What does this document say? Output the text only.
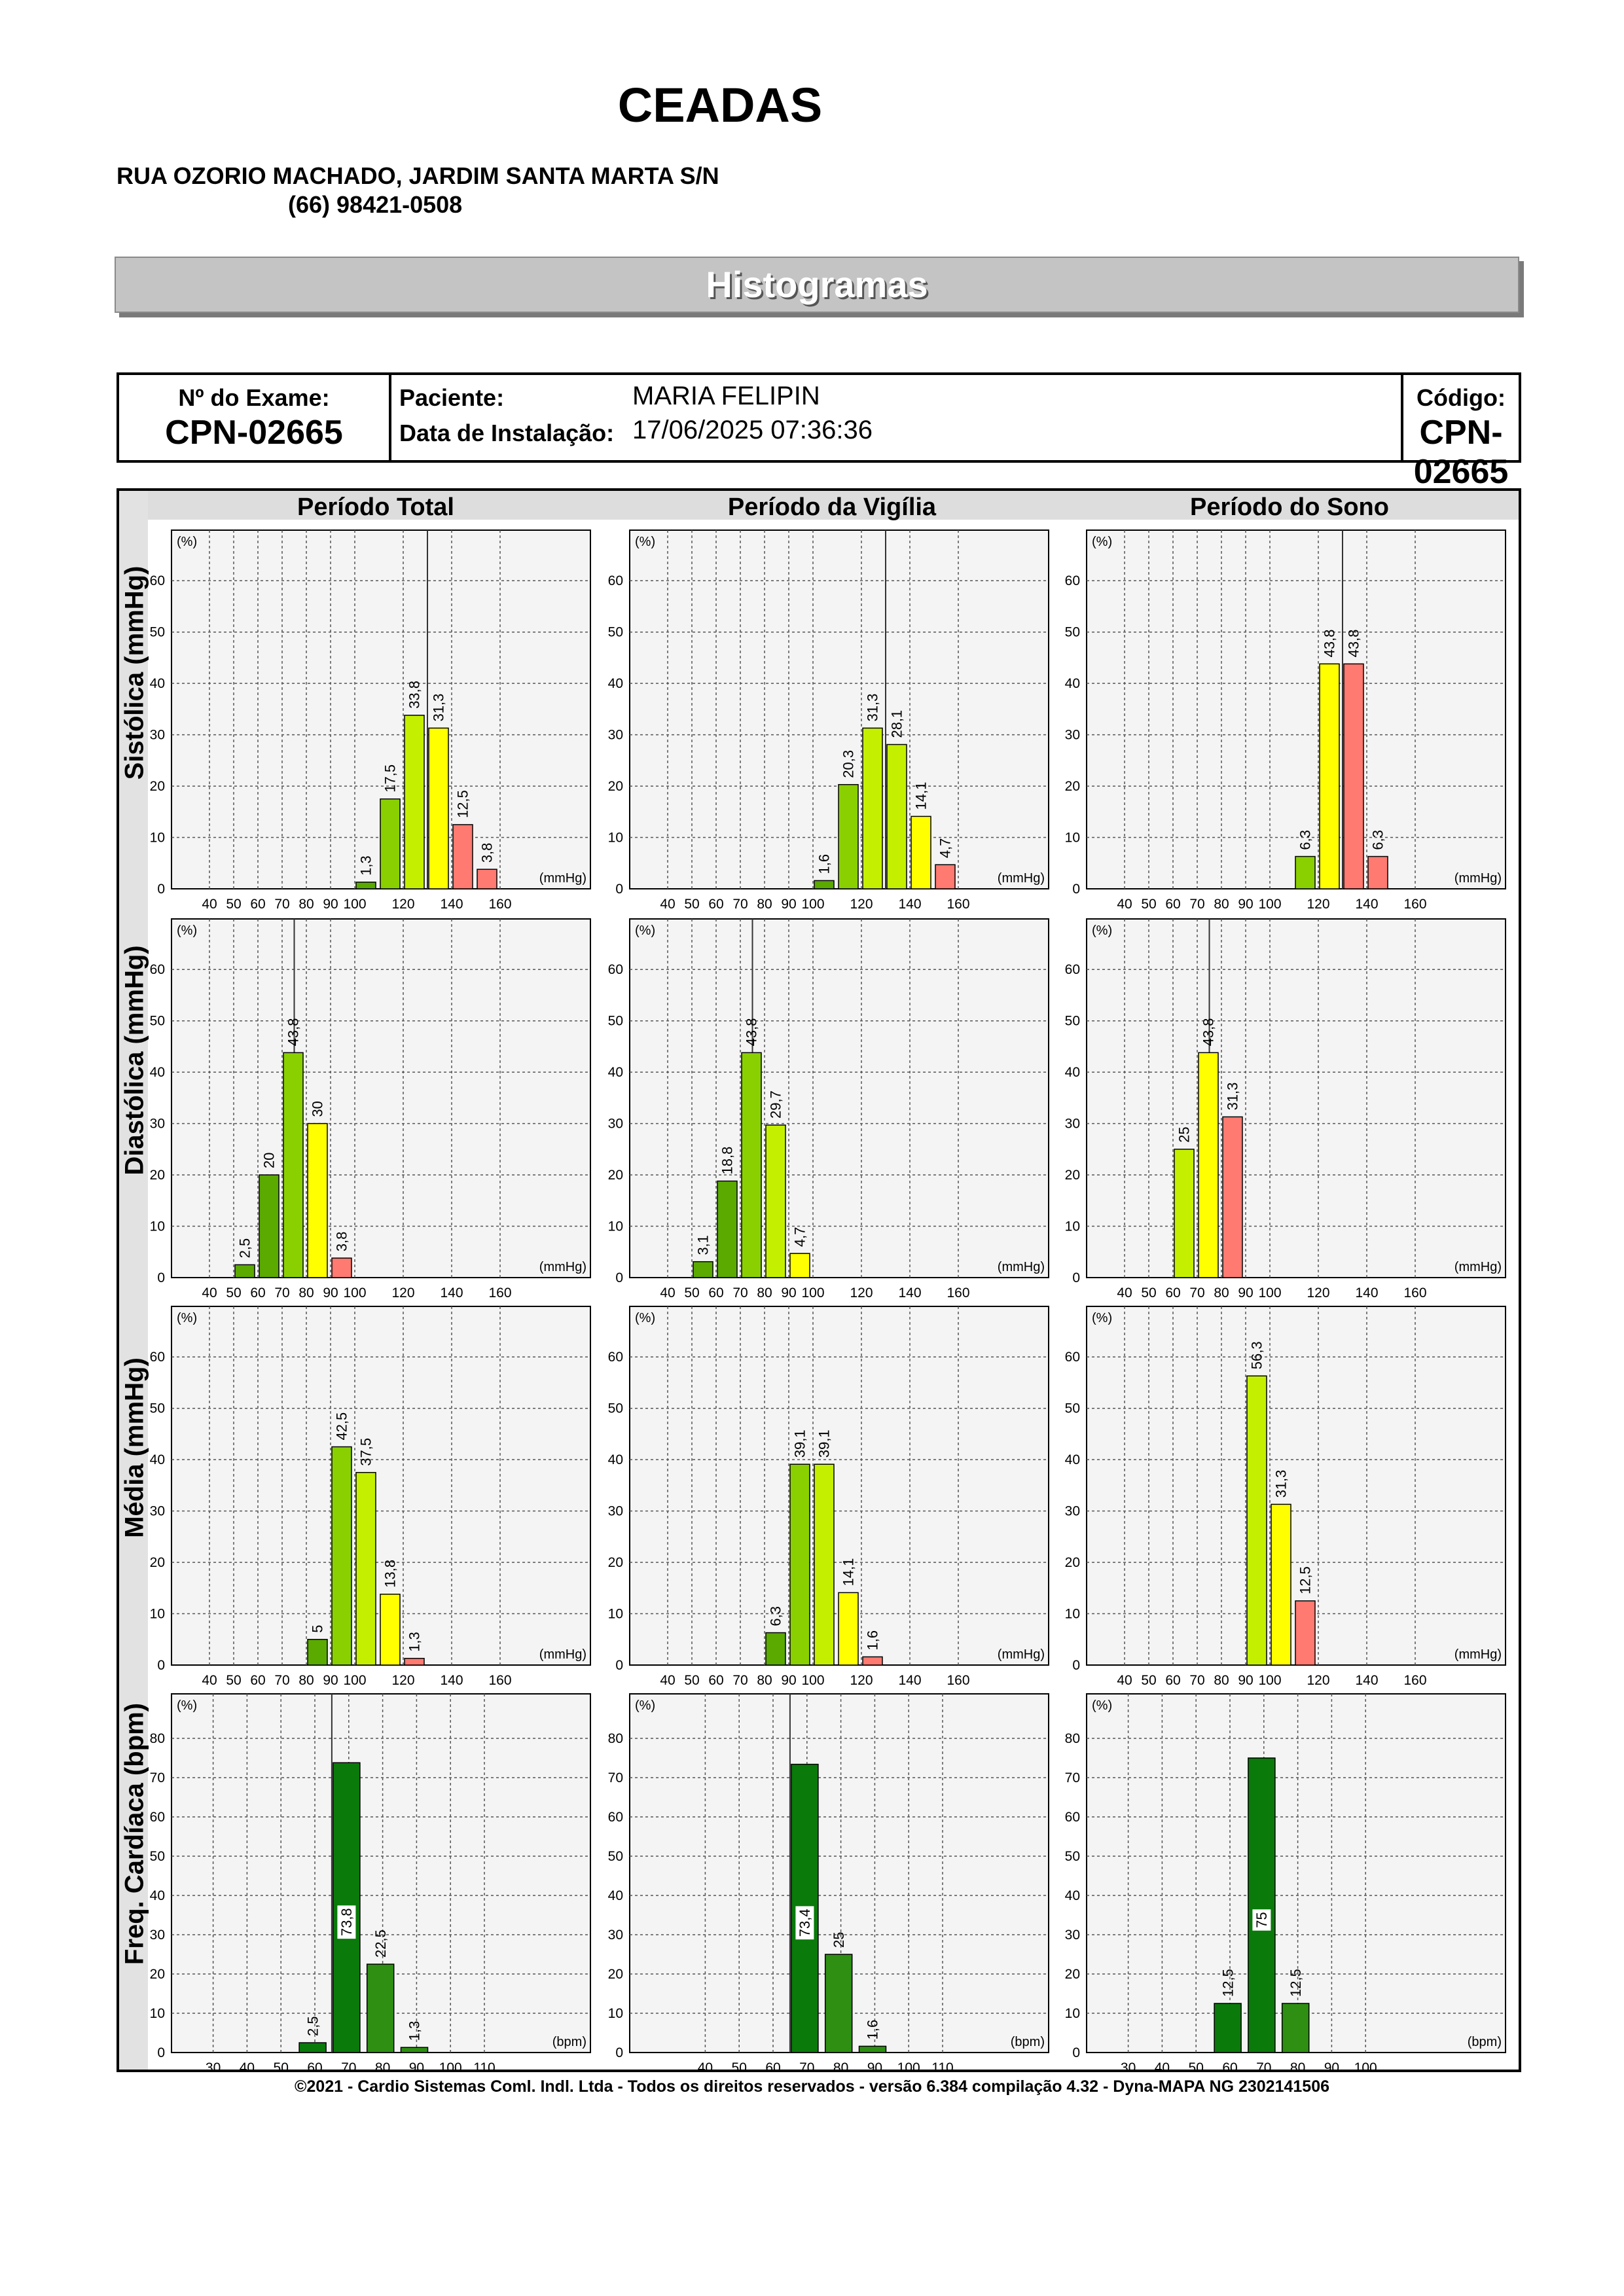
CEADAS
RUA OZORIO MACHADO, JARDIM SANTA MARTA S/N
(66) 98421-0508
Histogramas
Nº do Exame:
CPN-02665
Paciente:	MARIA FELIPIN
Data de Instalação: 17/06/2025 07:36:36
Código:
CPN-02665
Período Total	Período da Vigília	Período do Sono
Sistólica (mmHg)
Diastólica (mmHg)
Média (mmHg)
Freq. Cardíaca (bpm)
0
10
20
30
40
50
60
40 50 60 70 80 90 100 120 140 160
(%)
(mmHg)
1,3
17,5
33,8 31,3
12,5
3,8
0
10
20
30
40
50
60
40 50 60 70 80 90 100 120 140 160
(%)
(mmHg)
1,6
20,3
31,3
28,1
14,1
4,7
0
10
20
30
40
50
60
40 50 60 70 80 90 100 120 140 160
(%)
(mmHg)
6,3
43,8 43,8
6,3
0
10
20
30
40
50
60
40 50 60 70 80 90 100 120 140 160
(%)
(mmHg)
2,5
20
43,8
30
3,8
0
10
20
30
40
50
60
40 50 60 70 80 90 100 120 140 160
(%)
(mmHg)
3,1
18,8
43,8
29,7
4,7
0
10
20
30
40
50
60
40 50 60 70 80 90 100 120 140 160
(%)
(mmHg)
25
43,8
31,3
0
10
20
30
40
50
60
40 50 60 70 80 90 100 120 140 160
(%)
(mmHg)
5
42,5
37,5
13,8
1,3
0
10
20
30
40
50
60
40 50 60 70 80 90 100 120 140 160
(%)
(mmHg)
6,3
39,1 39,1
14,1
1,6
0
10
20
30
40
50
60
40 50 60 70 80 90 100 120 140 160
(%)
(mmHg)
56,3
31,3
12,5
0
10
20
30
40
50
60
70
80
30 40 50 60 70 80 90 100 110
(%)
(bpm)
2,5
73,8
22,5
1,3
0
10
20
30
40
50
60
70
80
40 50 60 70 80 90 100 110
(%)
(bpm)
73,4
25
1,6
0
10
20
30
40
50
60
70
80
30 40 50 60 70 80 90 100
(%)
(bpm)
12,5
75
12,5
©2021 - Cardio Sistemas Coml. Indl. Ltda - Todos os direitos reservados - versão 6.384 compilação 4.32 - Dyna-MAPA NG 2302141506
